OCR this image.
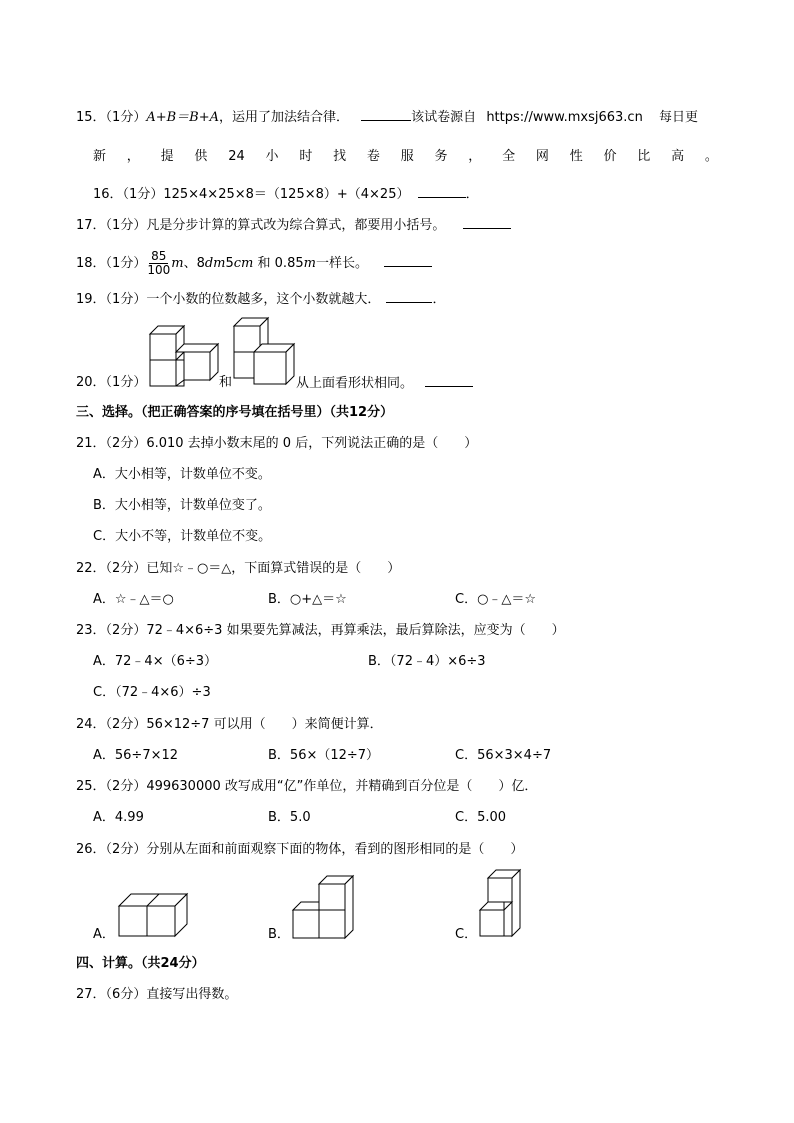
15．（1分）A+B＝B+A，运用了加法结合律．	该试卷源自 https://www.mxsj663.cn 每日更
新 ， 提 供 24 小 时 找 卷 服 务 ， 全 网 性 价 比 高 。
16．（1分）125×4×25×8＝（125×8）+（4×25）	．
17．（1分）凡是分步计算的算式改为综合算式，都要用小括号。
18．（1分） $\frac{85}{100}$ m、8dm5cm 和 0.85m一样长。
19．（1分）一个小数的位数越多，这个小数就越大．	．
20．（1分）	和	从上面看形状相同。
三、选择。（把正确答案的序号填在括号里）（共12分）
21．（2分）6.010 去掉小数末尾的 0 后，下列说法正确的是（　　）
A．大小相等，计数单位不变。
B．大小相等，计数单位变了。
C．大小不等，计数单位不变。
22．（2分）已知☆﹣○＝△，下面算式错误的是（　　）
A．☆﹣△＝○	B．○+△＝☆	C．○﹣△＝☆
23．（2分）72﹣4×6÷3 如果要先算减法，再算乘法，最后算除法，应变为（　　）
A．72﹣4×（6÷3）	B．（72﹣4）×6÷3
C．（72﹣4×6）÷3
24．（2分）56×12÷7 可以用（　　）来简便计算．
A．56÷7×12	B．56×（12÷7）	C．56×3×4÷7
25．（2分）499630000 改写成用“亿”作单位，并精确到百分位是（　　）亿．
A．4.99	B．5.0	C．5.00
26．（2分）分别从左面和前面观察下面的物体，看到的图形相同的是（　　）
A．	B．	C．
四、计算。（共24分）
27．（6分）直接写出得数。
